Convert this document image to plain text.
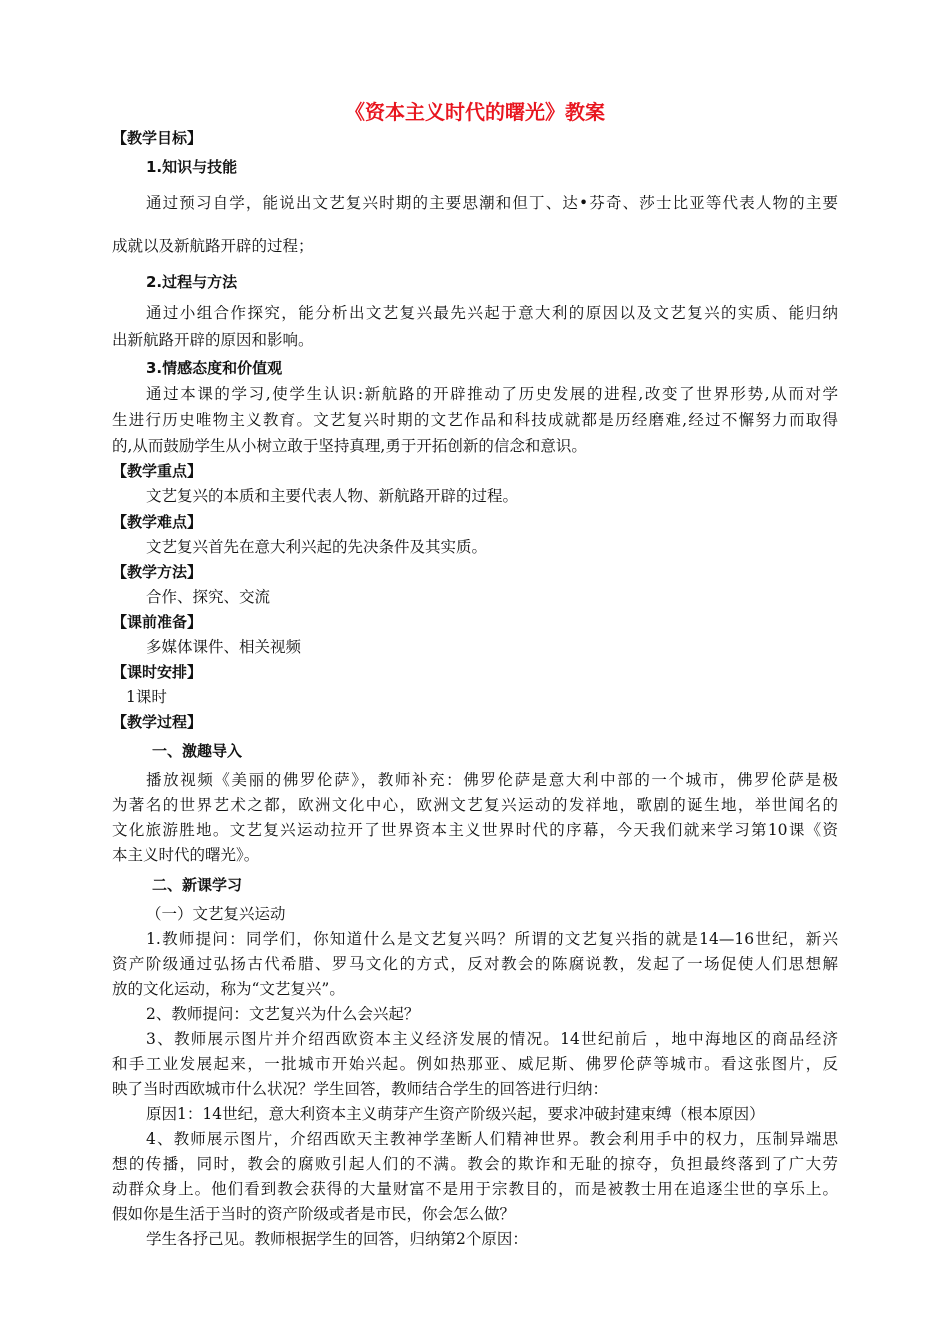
《资本主义时代的曙光》教案
【教学目标】
1.知识与技能
通过预习自学，能说出文艺复兴时期的主要思潮和但丁、达•芬奇、莎士比亚等代表人物的主要
成就以及新航路开辟的过程；
2.过程与方法
通过小组合作探究，能分析出文艺复兴最先兴起于意大利的原因以及文艺复兴的实质、能归纳
出新航路开辟的原因和影响。
3.情感态度和价值观
通过本课的学习,使学生认识:新航路的开辟推动了历史发展的进程,改变了世界形势,从而对学
生进行历史唯物主义教育。文艺复兴时期的文艺作品和科技成就都是历经磨难,经过不懈努力而取得
的,从而鼓励学生从小树立敢于坚持真理,勇于开拓创新的信念和意识。
【教学重点】
文艺复兴的本质和主要代表人物、新航路开辟的过程。
【教学难点】
文艺复兴首先在意大利兴起的先决条件及其实质。
【教学方法】
合作、探究、交流
【课前准备】
多媒体课件、相关视频
【课时安排】
1课时
【教学过程】
一、激趣导入
播放视频《美丽的佛罗伦萨》，教师补充：佛罗伦萨是意大利中部的一个城市，佛罗伦萨是极
为著名的世界艺术之都，欧洲文化中心，欧洲文艺复兴运动的发祥地，歌剧的诞生地，举世闻名的
文化旅游胜地。文艺复兴运动拉开了世界资本主义世界时代的序幕，今天我们就来学习第10课《资
本主义时代的曙光》。
二、新课学习
（一）文艺复兴运动
1.教师提问：同学们，你知道什么是文艺复兴吗？所谓的文艺复兴指的就是14—16世纪，新兴
资产阶级通过弘扬古代希腊、罗马文化的方式，反对教会的陈腐说教，发起了一场促使人们思想解
放的文化运动，称为“文艺复兴”。
2、教师提问：文艺复兴为什么会兴起？
3、教师展示图片并介绍西欧资本主义经济发展的情况。14世纪前后 ，地中海地区的商品经济
和手工业发展起来，一批城市开始兴起。例如热那亚、威尼斯、佛罗伦萨等城市。看这张图片，反
映了当时西欧城市什么状况？学生回答，教师结合学生的回答进行归纳：
原因1：14世纪，意大利资本主义萌芽产生资产阶级兴起，要求冲破封建束缚（根本原因）
4、教师展示图片，介绍西欧天主教神学垄断人们精神世界。教会利用手中的权力，压制异端思
想的传播，同时，教会的腐败引起人们的不满。教会的欺诈和无耻的掠夺，负担最终落到了广大劳
动群众身上。他们看到教会获得的大量财富不是用于宗教目的，而是被教士用在追逐尘世的享乐上。
假如你是生活于当时的资产阶级或者是市民，你会怎么做？
学生各抒己见。教师根据学生的回答，归纳第2个原因：
